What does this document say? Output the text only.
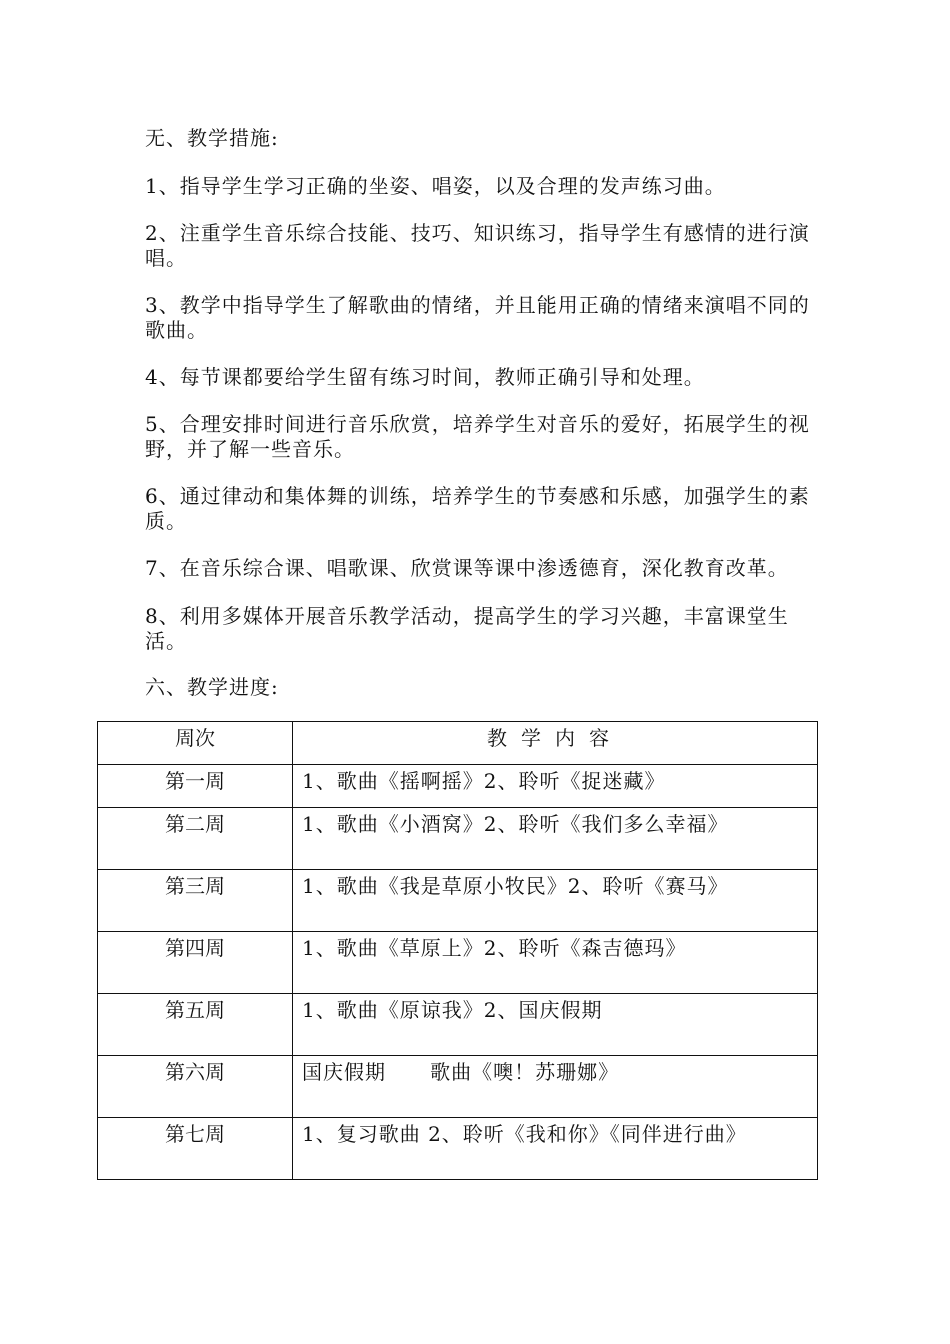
无、教学措施:

1、指导学生学习正确的坐姿、唱姿，以及合理的发声练习曲。

2、注重学生音乐综合技能、技巧、知识练习，指导学生有感情的进行演唱。

3、教学中指导学生了解歌曲的情绪，并且能用正确的情绪来演唱不同的歌曲。

4、每节课都要给学生留有练习时间，教师正确引导和处理。

5、合理安排时间进行音乐欣赏，培养学生对音乐的爱好，拓展学生的视野，并了解一些音乐。

6、通过律动和集体舞的训练，培养学生的节奏感和乐感，加强学生的素质。

7、在音乐综合课、唱歌课、欣赏课等课中渗透德育，深化教育改革。

8、利用多媒体开展音乐教学活动，提高学生的学习兴趣，丰富课堂生活。

六、教学进度:

周次	教学内容
第一周	1、歌曲《摇啊摇》2、聆听《捉迷藏》
第二周	1、歌曲《小酒窝》2、聆听《我们多么幸福》
第三周	1、歌曲《我是草原小牧民》2、聆听《赛马》
第四周	1、歌曲《草原上》2、聆听《森吉德玛》
第五周	1、歌曲《原谅我》2、国庆假期
第六周	国庆假期      歌曲《噢！苏珊娜》
第七周	1、复习歌曲 2、聆听《我和你》《同伴进行曲》
